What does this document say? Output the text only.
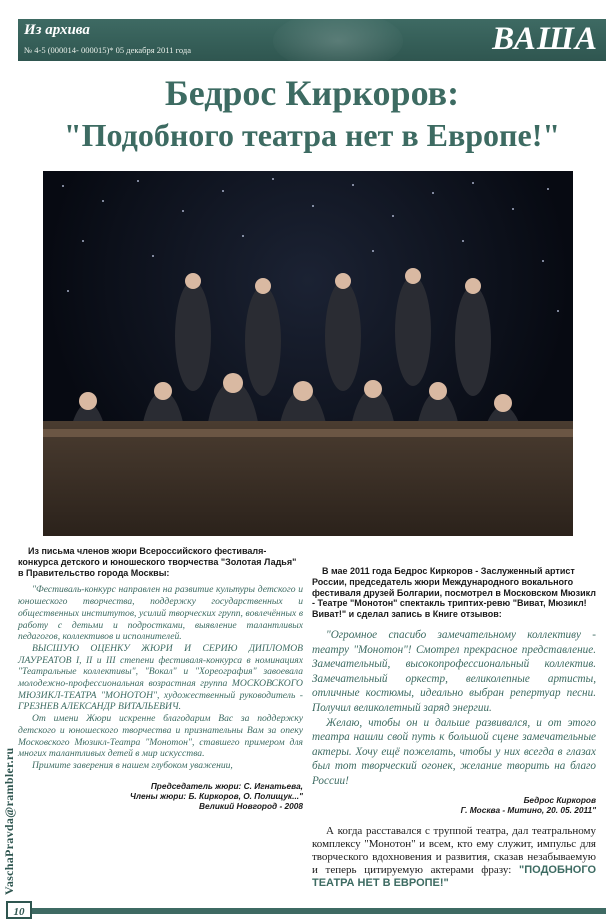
Из архива
№ 4-5 (000014- 000015)* 05 декабря 2011 года	ВАША
Бедрос Киркоров:
"Подобного театра нет в Европе!"

Из письма членов жюри Всероссийского фестиваля-конкурса детского и юношеского творчества "Золотая Ладья" в Правительство города Москвы:

"Фестиваль-конкурс направлен на развитие культуры детского и юношеского творчества, поддержку государственных и общественных институтов, усилий творческих групп, вовлечённых в работу с детьми и подростками, выявление талантливых педагогов, коллективов и исполнителей.

ВЫСШУЮ ОЦЕНКУ ЖЮРИ И СЕРИЮ ДИПЛОМОВ ЛАУРЕАТОВ I, II и III степени фестиваля-конкурса в номинациях "Театральные коллективы", "Вокал" и "Хореография" завоевала молодежно-профессиональная возрастная группа МОСКОВСКОГО МЮЗИКЛ-ТЕАТРА "МОНОТОН", художественный руководитель - ГРЕЗНЕВ АЛЕКСАНДР ВИТАЛЬЕВИЧ.

От имени Жюри искренне благодарим Вас за поддержку детского и юношеского творчества и признательны Вам за опеку Московского Мюзикл-Театра "Монотон", ставшего примером для многих талантливых детей в мир искусства.

Примите заверения в нашем глубоком уважении,

Председатель жюри: С. Игнатьева,

Члены жюри: Б. Киркоров, О. Полищук..."

Великий Новгород - 2008

В мае 2011 года Бедрос Киркоров - Заслуженный артист России, председатель жюри Международного вокального фестиваля друзей Болгарии, посмотрел в Московском Мюзикл - Театре "Монотон" спектакль триптих-ревю "Виват, Мюзикл! Виват!" и сделал запись в Книге отзывов:

"Огромное спасибо замечательному коллективу - театру "Монотон"! Смотрел прекрасное представление. Замечательный, высокопрофессиональный коллектив. Замечательный оркестр, великолепные артисты, отличные костюмы, идеально выбран репертуар песни. Получил великолетный заряд энергии.

Желаю, чтобы он и дальше развивался, и от этого театра нашли свой путь к большой сцене замечательные актеры. Хочу ещё пожелать, чтобы у них всегда в глазах был тот творческий огонек, желание творить на благо России!

Бедрос Киркоров

Г. Москва - Митино, 20. 05. 2011"

А когда расставался с труппой театра, дал театральному комплексу "Монотон" и всем, кто ему служит, импульс для творческого вдохновения и развития, сказав незабываемую и теперь цитируемую актерами фразу: "ПОДОБНОГО ТЕАТРА НЕТ В ЕВРОПЕ!"

VaschaPravda@rambler.ru
10
